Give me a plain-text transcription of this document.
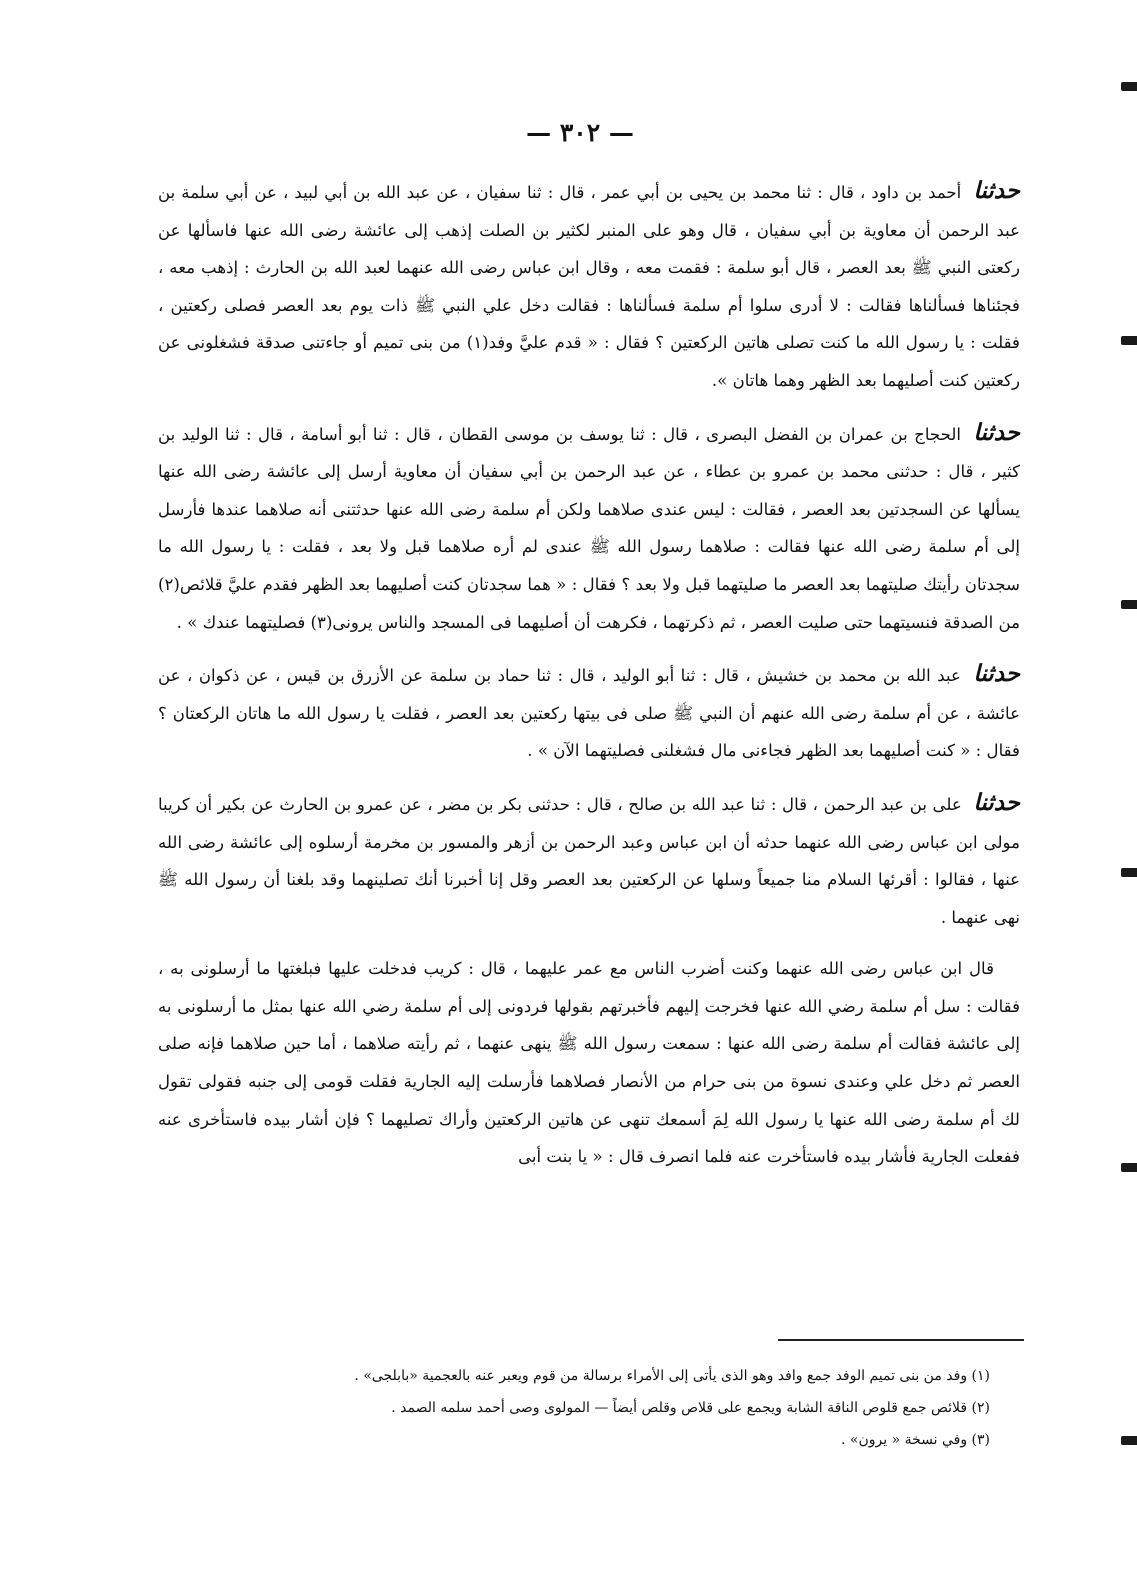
— ٣٠٢ —

حدثنا أحمد بن داود ، قال : ثنا محمد بن يحيى بن أبي عمر ، قال : ثنا سفيان ، عن عبد الله بن أبي لبيد ، عن أبي سلمة بن عبد الرحمن أن معاوية بن أبي سفيان ، قال وهو على المنبر لكثير بن الصلت إذهب إلى عائشة رضى الله عنها فاسألها عن ركعتى النبي ﷺ بعد العصر ، قال أبو سلمة : فقمت معه ، وقال ابن عباس رضى الله عنهما لعبد الله بن الحارث : إذهب معه ، فجئناها فسألناها فقالت : لا أدرى سلوا أم سلمة فسألناها : فقالت دخل علي النبي ﷺ ذات يوم بعد العصر فصلى ركعتين ، فقلت : يا رسول الله ما كنت تصلى هاتين الركعتين ؟ فقال : « قدم عليَّ وفد(١) من بنى تميم أو جاءتنى صدقة فشغلونى عن ركعتين كنت أصليهما بعد الظهر وهما هاتان ».

حدثنا الحجاج بن عمران بن الفضل البصرى ، قال : ثنا يوسف بن موسى القطان ، قال : ثنا أبو أسامة ، قال : ثنا الوليد بن كثير ، قال : حدثنى محمد بن عمرو بن عطاء ، عن عبد الرحمن بن أبي سفيان أن معاوية أرسل إلى عائشة رضى الله عنها يسألها عن السجدتين بعد العصر ، فقالت : ليس عندى صلاهما ولكن أم سلمة رضى الله عنها حدثتنى أنه صلاهما عندها فأرسل إلى أم سلمة رضى الله عنها فقالت : صلاهما رسول الله ﷺ عندى لم أره صلاهما قبل ولا بعد ، فقلت : يا رسول الله ما سجدتان رأيتك صليتهما بعد العصر ما صليتهما قبل ولا بعد ؟ فقال : « هما سجدتان كنت أصليهما بعد الظهر فقدم عليَّ قلائص(٢) من الصدقة فنسيتهما حتى صليت العصر ، ثم ذكرتهما ، فكرهت أن أصليهما فى المسجد والناس يرونى(٣) فصليتهما عندك » .

حدثنا عبد الله بن محمد بن خشيش ، قال : ثنا أبو الوليد ، قال : ثنا حماد بن سلمة عن الأزرق بن قيس ، عن ذكوان ، عن عائشة ، عن أم سلمة رضى الله عنهم أن النبي ﷺ صلى فى بيتها ركعتين بعد العصر ، فقلت يا رسول الله ما هاتان الركعتان ؟ فقال : « كنت أصليهما بعد الظهر فجاءنى مال فشغلنى فصليتهما الآن » .

حدثنا على بن عبد الرحمن ، قال : ثنا عبد الله بن صالح ، قال : حدثنى بكر بن مضر ، عن عمرو بن الحارث عن بكير أن كريبا مولى ابن عباس رضى الله عنهما حدثه أن ابن عباس وعبد الرحمن بن أزهر والمسور بن مخرمة أرسلوه إلى عائشة رضى الله عنها ، فقالوا : أقرئها السلام منا جميعاً وسلها عن الركعتين بعد العصر وقل إنا أخبرنا أنك تصلينهما وقد بلغنا أن رسول الله ﷺ نهى عنهما .

قال ابن عباس رضى الله عنهما وكنت أضرب الناس مع عمر عليهما ، قال : كريب فدخلت عليها فبلغتها ما أرسلونى به ، فقالت : سل أم سلمة رضي الله عنها فخرجت إليهم فأخبرتهم بقولها فردونى إلى أم سلمة رضي الله عنها بمثل ما أرسلونى به إلى عائشة فقالت أم سلمة رضى الله عنها : سمعت رسول الله ﷺ ينهى عنهما ، ثم رأيته صلاهما ، أما حين صلاهما فإنه صلى العصر ثم دخل علي وعندى نسوة من بنى حرام من الأنصار فصلاهما فأرسلت إليه الجارية فقلت قومى إلى جنبه فقولى تقول لك أم سلمة رضى الله عنها يا رسول الله لِمَ أسمعك تنهى عن هاتين الركعتين وأراك تصليهما ؟ فإن أشار بيده فاستأخرى عنه ففعلت الجارية فأشار بيده فاستأخرت عنه فلما انصرف قال : « يا بنت أبى

(١) وفد من بنى تميم الوفد جمع وافد وهو الذى يأتى إلى الأمراء برسالة من قوم ويعبر عنه بالعجمية «بابلجى» .

(٢) قلائص جمع قلوص الناقة الشابة ويجمع على قلاص وقلص أيضاً — المولوى وصى أحمد سلمه الصمد .

(٣) وفي نسخة « يرون» .
